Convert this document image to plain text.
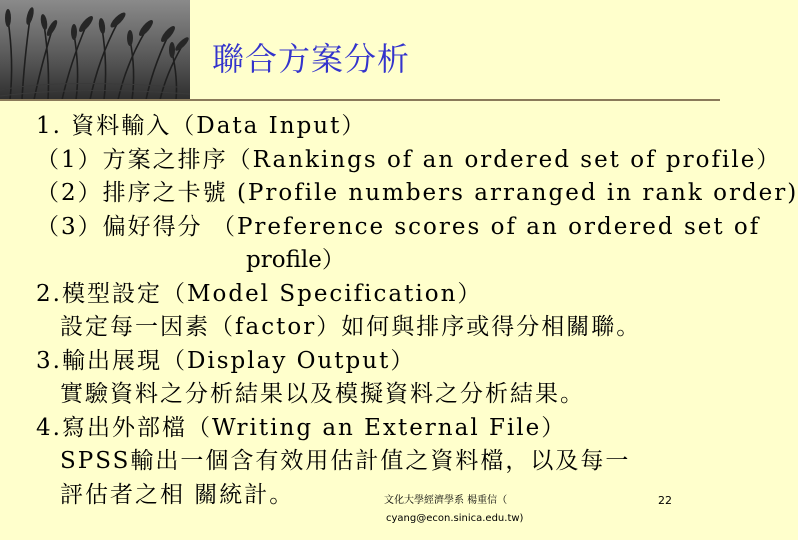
聯合方案分析
1. 資料輸入（Data Input）
（1）方案之排序（Rankings of an ordered set of profile）
（2）排序之卡號 (Profile numbers arranged in rank order)
（3）偏好得分 （Preference scores of an ordered set of
profile）
2.模型設定（Model Specification）
設定每一因素（factor）如何與排序或得分相關聯。
3.輸出展現（Display Output）
實驗資料之分析結果以及模擬資料之分析結果。
4.寫出外部檔（Writing an External File）
SPSS輸出一個含有效用估計值之資料檔，以及每一
評估者之相 關統計。	文化大學經濟學系 楊重信（
cyang@econ.sinica.edu.tw)
22
